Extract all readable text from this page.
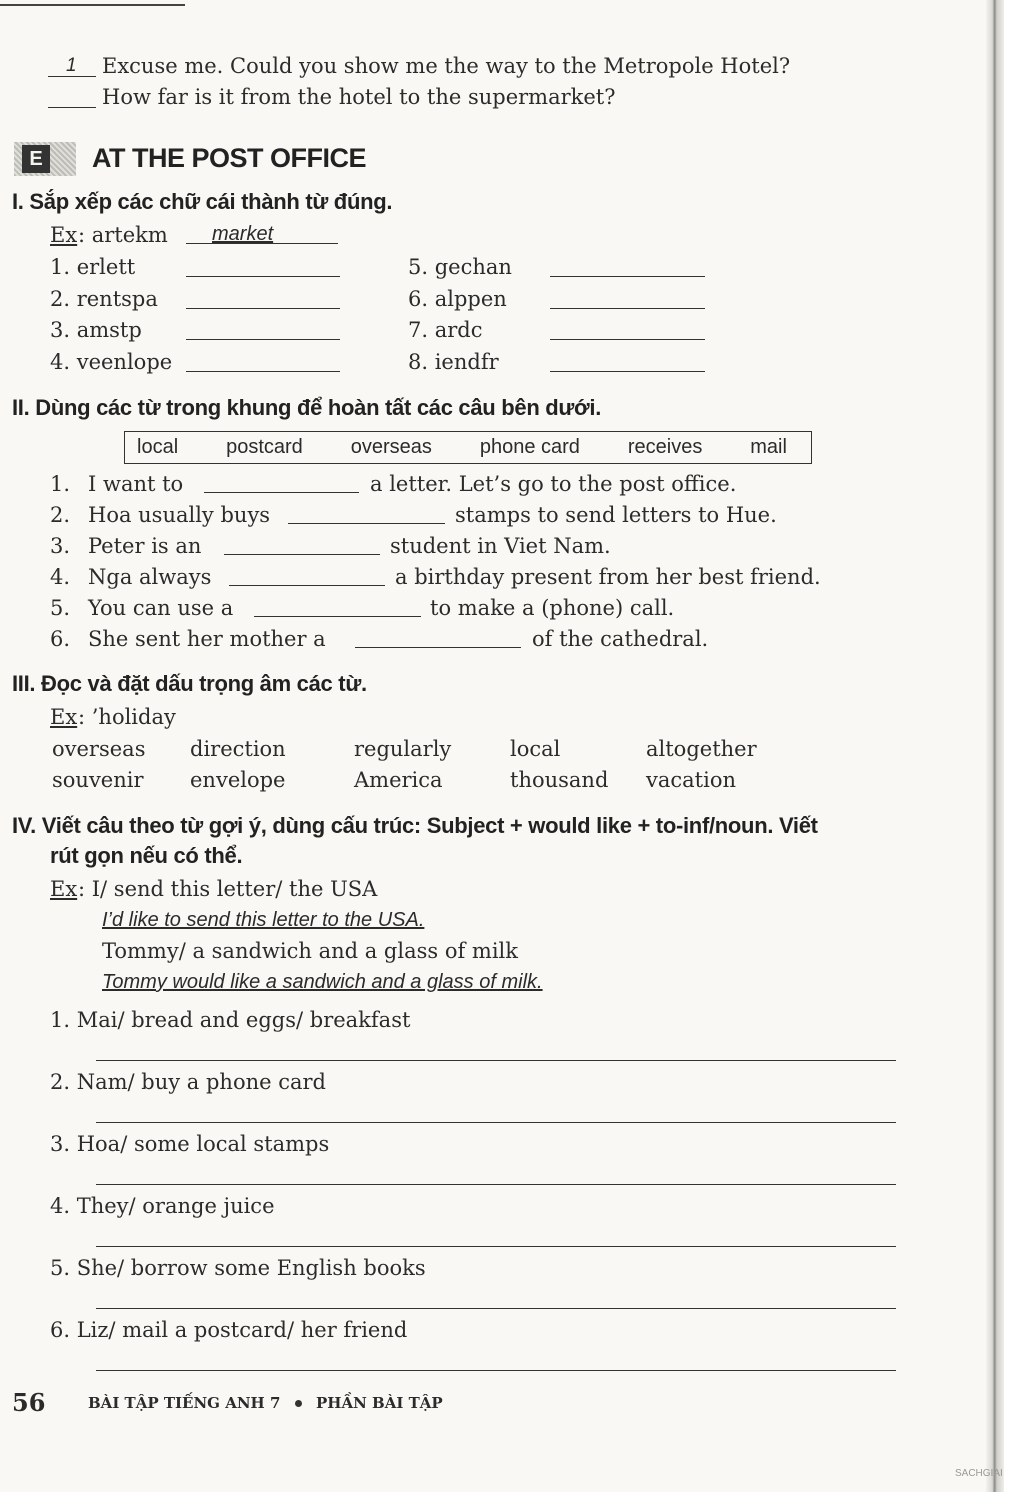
1 Excuse me. Could you show me the way to the Metropole Hotel?
How far is it from the hotel to the supermarket?
E AT THE POST OFFICE
I. Sắp xếp các chữ cái thành từ đúng.
Ex : artekm market
1. erlett
2. rentspa
3. amstp
4. veenlope
5. gechan
6. alppen
7. ardc
8. iendfr
II. Dùng các từ trong khung để hoàn tất các câu bên dưới.
local postcard overseas phone card receives mail
1. I want to	a letter. Let’s go to the post office.
2. Hoa usually buys	stamps to send letters to Hue.
3. Peter is an	student in Viet Nam.
4. Nga always	a birthday present from her best friend.
5. You can use a	to make a (phone) call.
6. She sent her mother a	of the cathedral.
III. Đọc và đặt dấu trọng âm các từ.
Ex : ’holiday
overseas direction	regularly	local	altogether
souvenir envelope	America	thousand vacation
IV. Viết câu theo từ gợi ý, dùng cấu trúc: Subject + would like + to-inf/noun. Viết
rút gọn nếu có thể.
Ex : I/ send this letter/ the USA
I’d like to send this letter to the USA.
Tommy/ a sandwich and a glass of milk
Tommy would like a sandwich and a glass of milk.
1. Mai/ bread and eggs/ breakfast
2. Nam/ buy a phone card
3. Hoa/ some local stamps
4. They/ orange juice
5. She/ borrow some English books
6. Liz/ mail a postcard/ her friend
56	BÀI TẬP TIẾNG ANH 7 PHẦN BÀI TẬP
SACHGIAI
